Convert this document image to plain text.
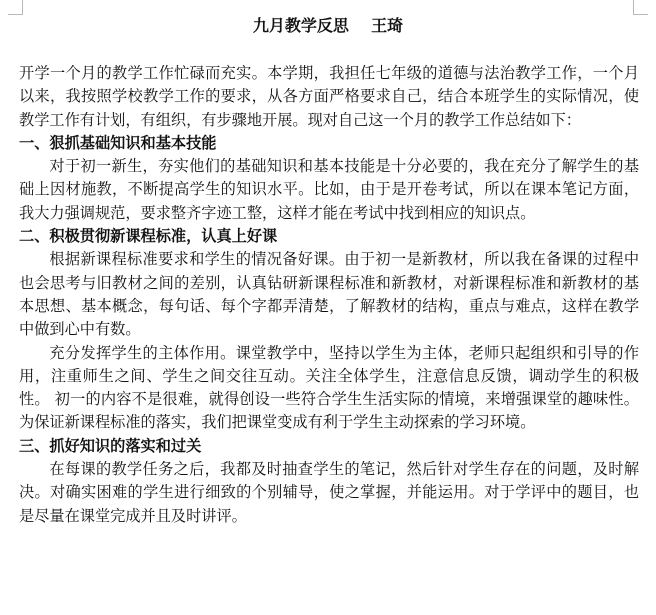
九月教学反思    王琦

开学一个月的教学工作忙碌而充实。本学期，我担任七年级的道德与法治教学工作，一个月以来，我按照学校教学工作的要求，从各方面严格要求自己，结合本班学生的实际情况，使教学工作有计划，有组织，有步骤地开展。现对自己这一个月的教学工作总结如下：

一、狠抓基础知识和基本技能

对于初一新生，夯实他们的基础知识和基本技能是十分必要的，我在充分了解学生的基础上因材施教，不断提高学生的知识水平。比如，由于是开卷考试，所以在课本笔记方面，我大力强调规范，要求整齐字迹工整，这样才能在考试中找到相应的知识点。

二、积极贯彻新课程标准，认真上好课

根据新课程标准要求和学生的情况备好课。由于初一是新教材，所以我在备课的过程中也会思考与旧教材之间的差别，认真钻研新课程标准和新教材，对新课程标准和新教材的基本思想、基本概念，每句话、每个字都弄清楚，了解教材的结构，重点与难点，这样在教学中做到心中有数。

充分发挥学生的主体作用。课堂教学中，坚持以学生为主体，老师只起组织和引导的作用，注重师生之间、学生之间交往互动。关注全体学生，注意信息反馈，调动学生的积极性。 初一的内容不是很难，就得创设一些符合学生生活实际的情境，来增强课堂的趣味性。为保证新课程标准的落实，我们把课堂变成有利于学生主动探索的学习环境。

三、抓好知识的落实和过关

在每课的教学任务之后，我都及时抽查学生的笔记，然后针对学生存在的问题，及时解决。对确实困难的学生进行细致的个别辅导，使之掌握，并能运用。对于学评中的题目，也是尽量在课堂完成并且及时讲评。
